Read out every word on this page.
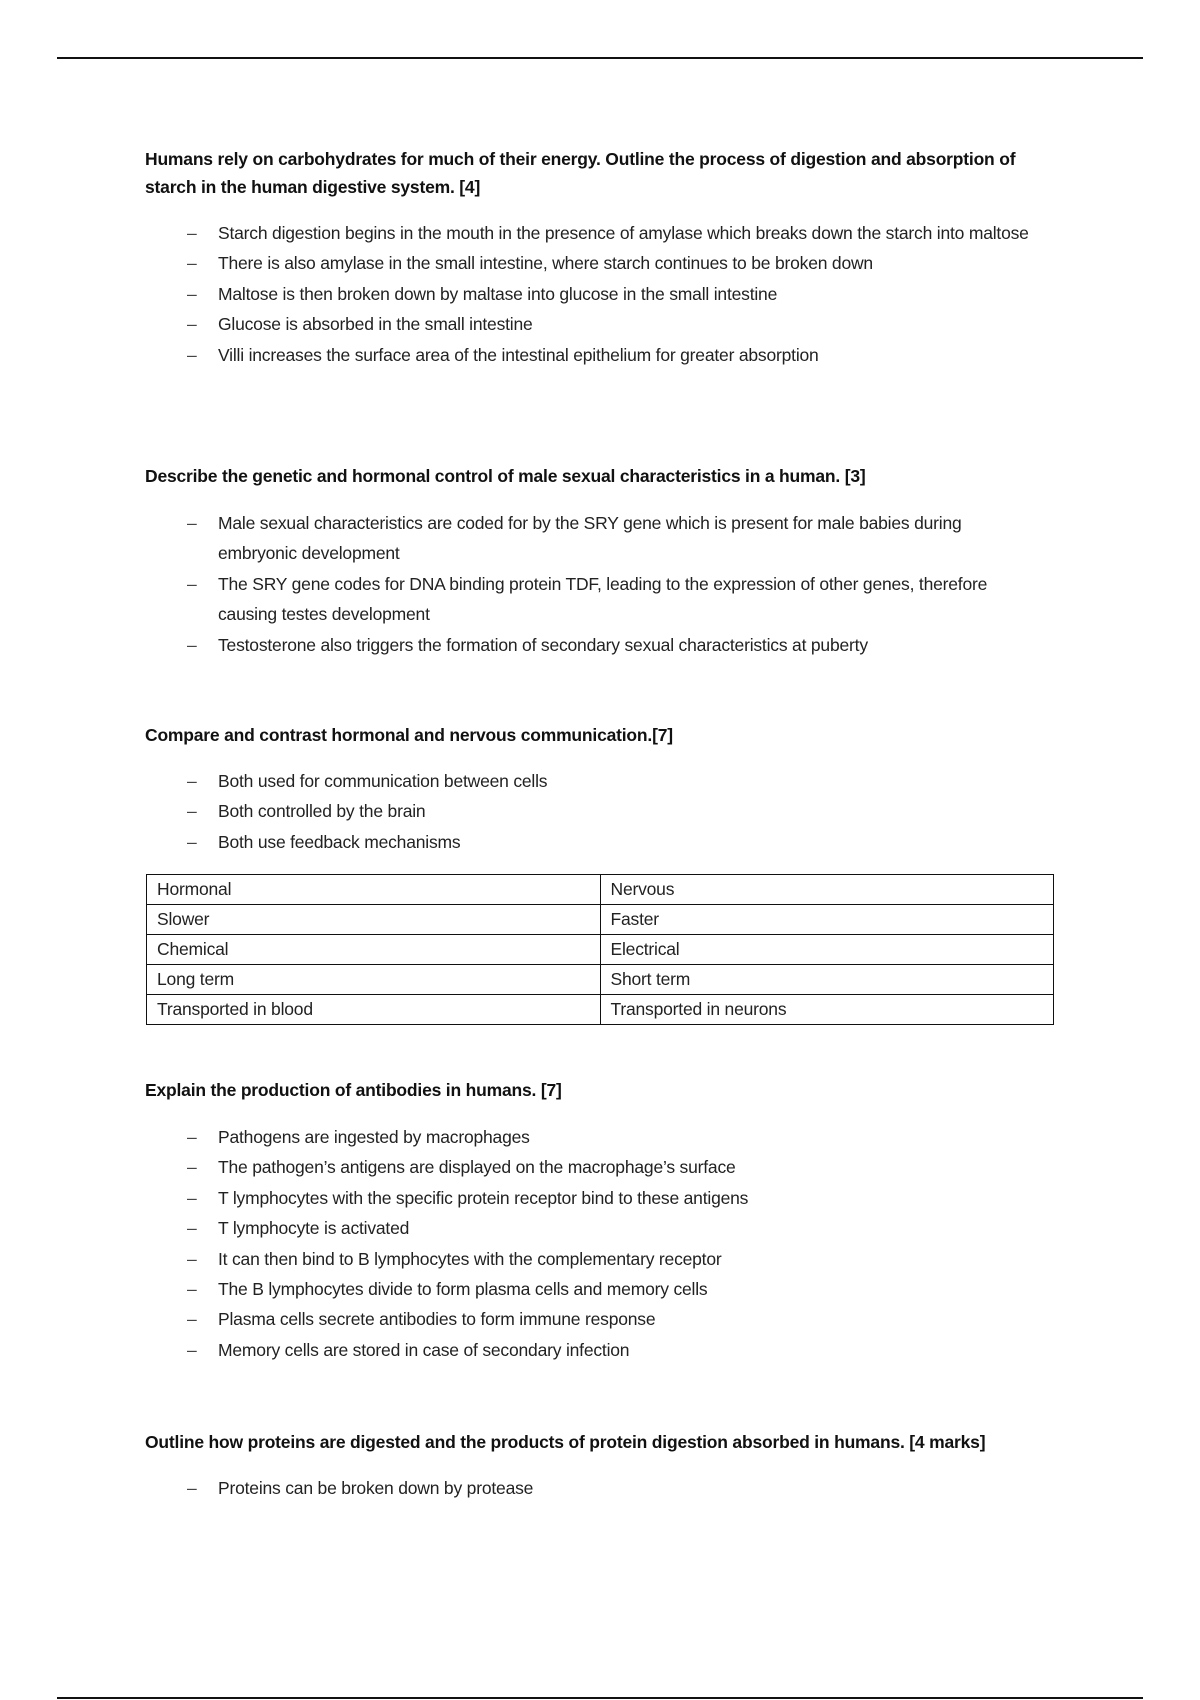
Humans rely on carbohydrates for much of their energy. Outline the process of digestion and absorption of starch in the human digestive system. [4]

– Starch digestion begins in the mouth in the presence of amylase which breaks down the starch into maltose
– There is also amylase in the small intestine, where starch continues to be broken down
– Maltose is then broken down by maltase into glucose in the small intestine
– Glucose is absorbed in the small intestine
– Villi increases the surface area of the intestinal epithelium for greater absorption

Describe the genetic and hormonal control of male sexual characteristics in a human. [3]

– Male sexual characteristics are coded for by the SRY gene which is present for male babies during embryonic development
– The SRY gene codes for DNA binding protein TDF, leading to the expression of other genes, therefore causing testes development
– Testosterone also triggers the formation of secondary sexual characteristics at puberty

Compare and contrast hormonal and nervous communication.[7]

– Both used for communication between cells
– Both controlled by the brain
– Both use feedback mechanisms
Hormonal	Nervous
Slower	Faster
Chemical	Electrical
Long term	Short term
Transported in blood	Transported in neurons

Explain the production of antibodies in humans. [7]

– Pathogens are ingested by macrophages
– The pathogen’s antigens are displayed on the macrophage’s surface
– T lymphocytes with the specific protein receptor bind to these antigens
– T lymphocyte is activated
– It can then bind to B lymphocytes with the complementary receptor
– The B lymphocytes divide to form plasma cells and memory cells
– Plasma cells secrete antibodies to form immune response
– Memory cells are stored in case of secondary infection

Outline how proteins are digested and the products of protein digestion absorbed in humans. [4 marks]

– Proteins can be broken down by protease
